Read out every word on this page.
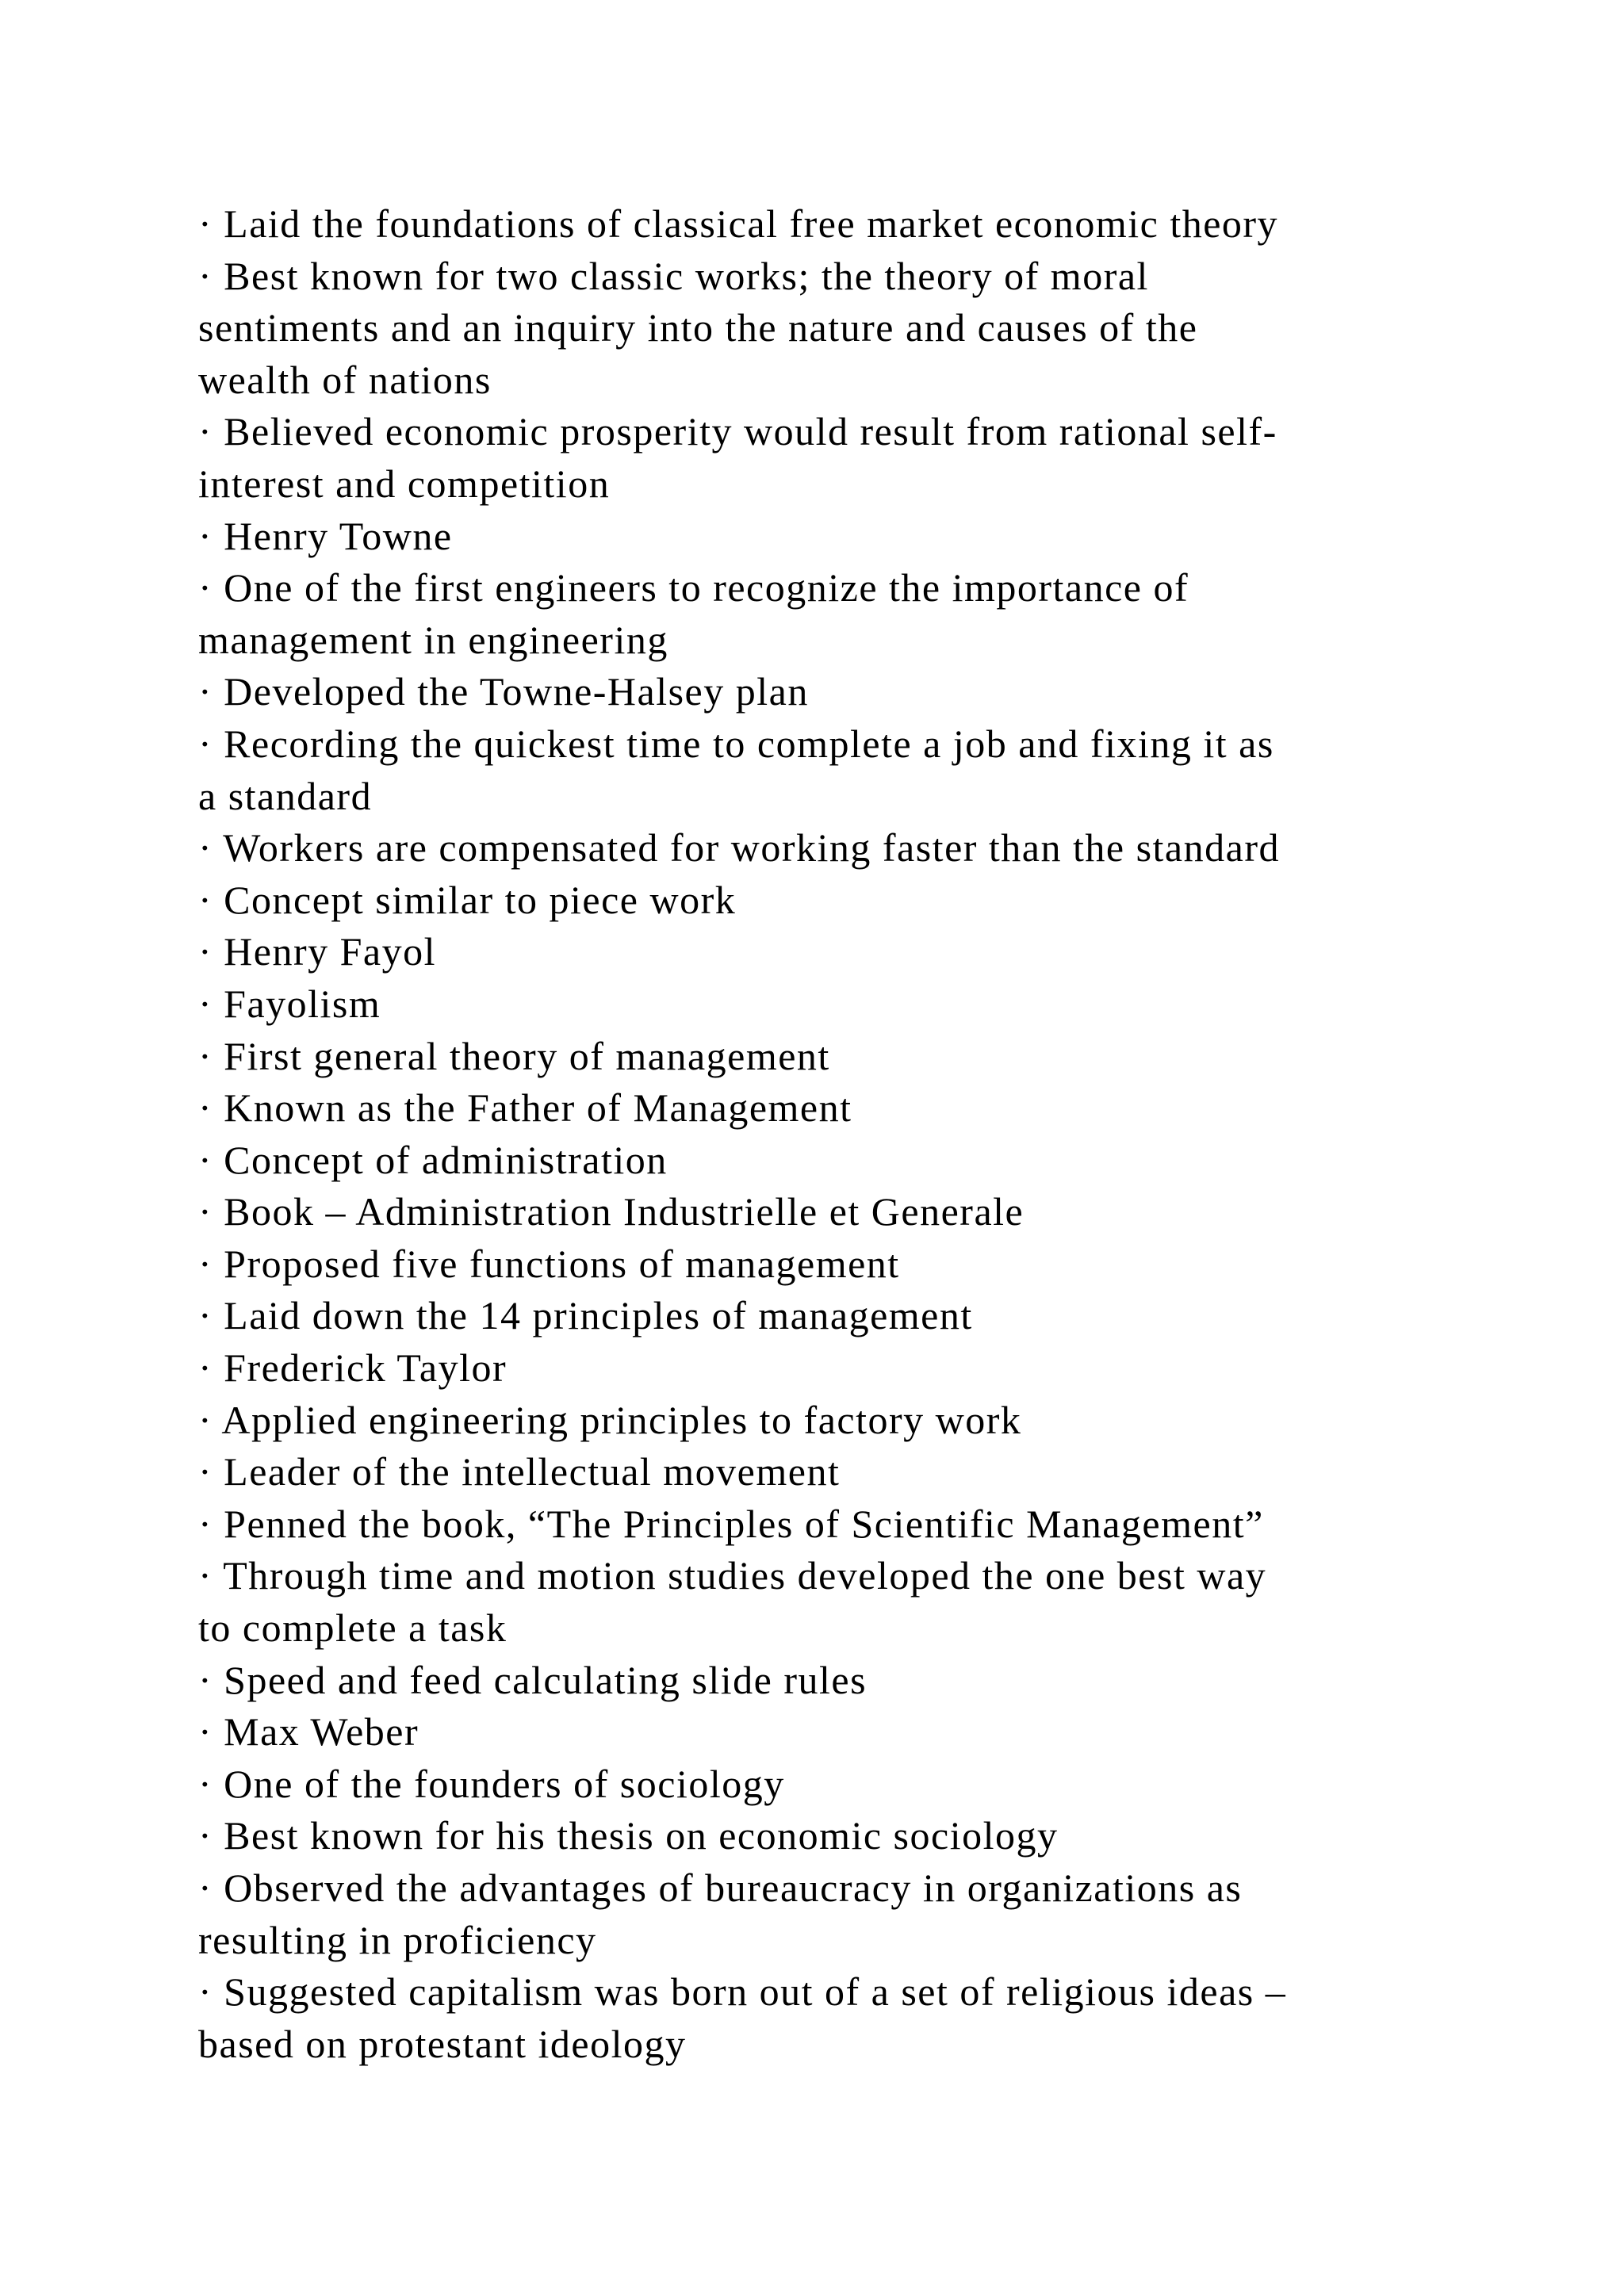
· Laid the foundations of classical free market economic theory
· Best known for two classic works; the theory of moral
sentiments and an inquiry into the nature and causes of the
wealth of nations
· Believed economic prosperity would result from rational self-
interest and competition
· Henry Towne
· One of the first engineers to recognize the importance of
management in engineering
· Developed the Towne-Halsey plan
· Recording the quickest time to complete a job and fixing it as
a standard
· Workers are compensated for working faster than the standard
· Concept similar to piece work
· Henry Fayol
· Fayolism
· First general theory of management
· Known as the Father of Management
· Concept of administration
· Book – Administration Industrielle et Generale
· Proposed five functions of management
· Laid down the 14 principles of management
· Frederick Taylor
· Applied engineering principles to factory work
· Leader of the intellectual movement
· Penned the book, “The Principles of Scientific Management”
· Through time and motion studies developed the one best way
to complete a task
· Speed and feed calculating slide rules
· Max Weber
· One of the founders of sociology
· Best known for his thesis on economic sociology
· Observed the advantages of bureaucracy in organizations as
resulting in proficiency
· Suggested capitalism was born out of a set of religious ideas –
based on protestant ideology
